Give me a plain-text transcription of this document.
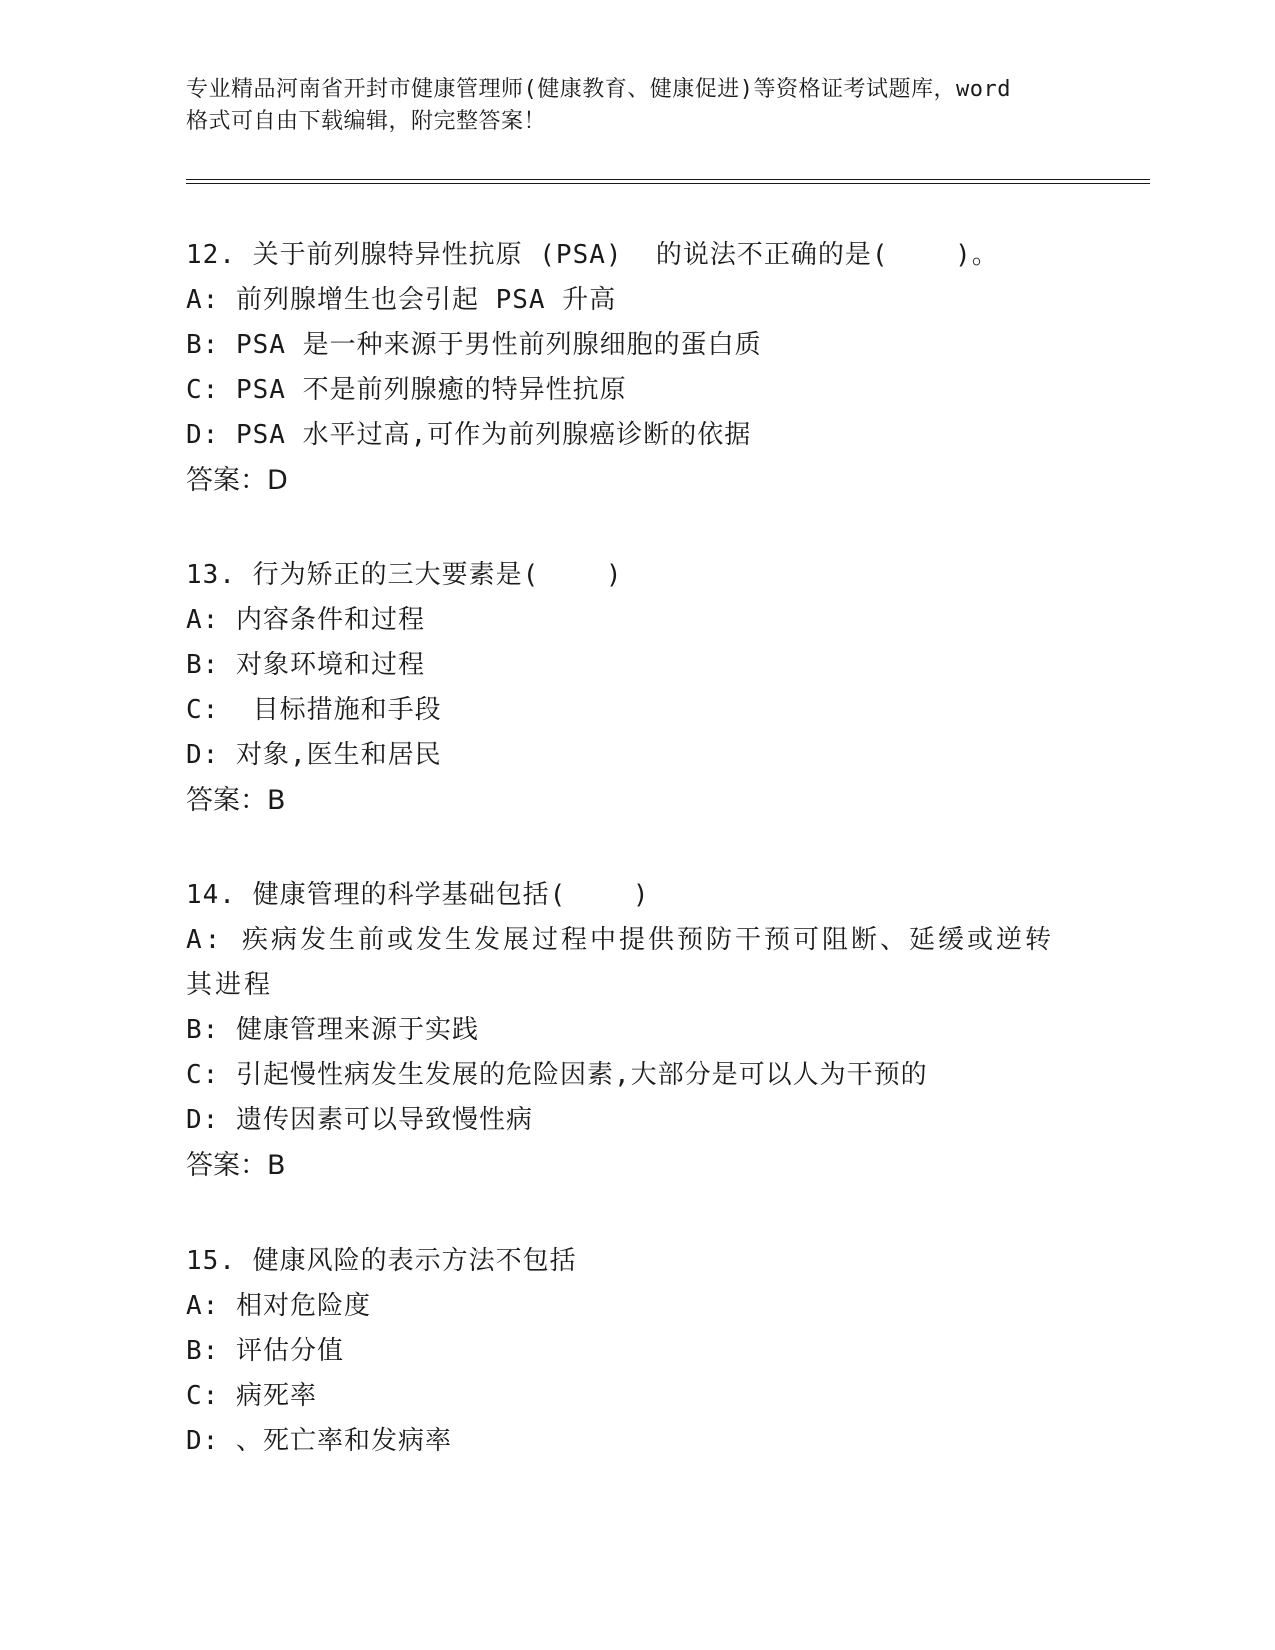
专业精品河南省开封市健康管理师(健康教育、健康促进)等资格证考试题库，word
格式可自由下载编辑，附完整答案！
12. 关于前列腺特异性抗原 (PSA)  的说法不正确的是(    )。
A: 前列腺增生也会引起 PSA 升高
B: PSA 是一种来源于男性前列腺细胞的蛋白质
C: PSA 不是前列腺癒的特异性抗原
D: PSA 水平过高,可作为前列腺癌诊断的依据
答案：D
13. 行为矫正的三大要素是(    )
A: 内容条件和过程
B: 对象环境和过程
C:  目标措施和手段
D: 对象,医生和居民
答案：B
14. 健康管理的科学基础包括(    )
A: 疾病发生前或发生发展过程中提供预防干预可阻断、延缓或逆转其进程
B: 健康管理来源于实践
C: 引起慢性病发生发展的危险因素,大部分是可以人为干预的
D: 遗传因素可以导致慢性病
答案：B
15. 健康风险的表示方法不包括
A: 相对危险度
B: 评估分值
C: 病死率
D: 、死亡率和发病率
